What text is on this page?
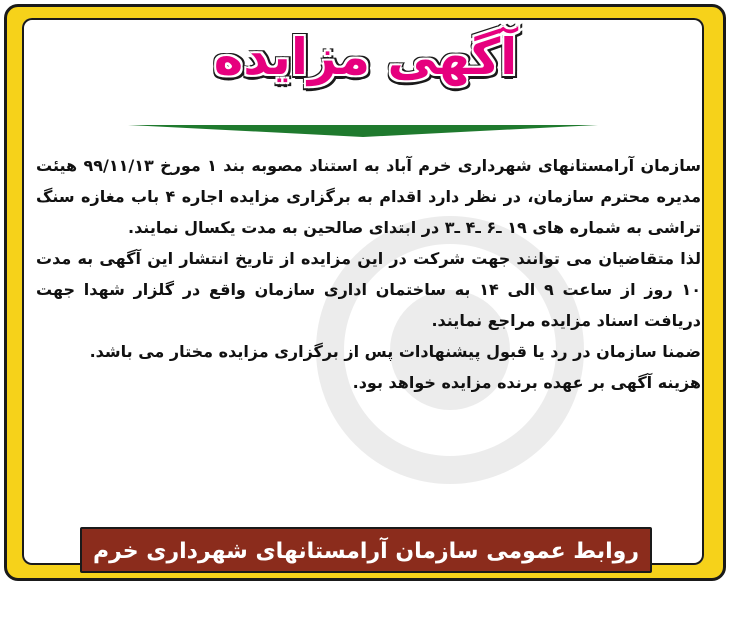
آگهی مزایده

سازمان آرامستانهای شهرداری خرم آباد به استناد مصوبه بند ۱ مورخ ۹۹/۱۱/۱۳ هیئت مدیره محترم سازمان، در نظر دارد اقدام به برگزاری مزایده اجاره ۴ باب مغازه سنگ تراشی به شماره های ۱۹ ـ۶ ـ۴ ـ۳ در ابتدای صالحین به مدت یکسال نمایند.

لذا متقاضیان می توانند جهت شرکت در این مزایده از تاریخ انتشار این آگهی به مدت ۱۰ روز از ساعت ۹ الی ۱۴ به ساختمان اداری سازمان واقع در گلزار شهدا جهت دریافت اسناد مزایده مراجع نمایند.

ضمنا سازمان در رد یا قبول پیشنهادات پس از برگزاری مزایده مختار می باشد.

هزینه آگهی بر عهده برنده مزایده خواهد بود.

روابط عمومی سازمان آرامستانهای شهرداری خرم آباد
